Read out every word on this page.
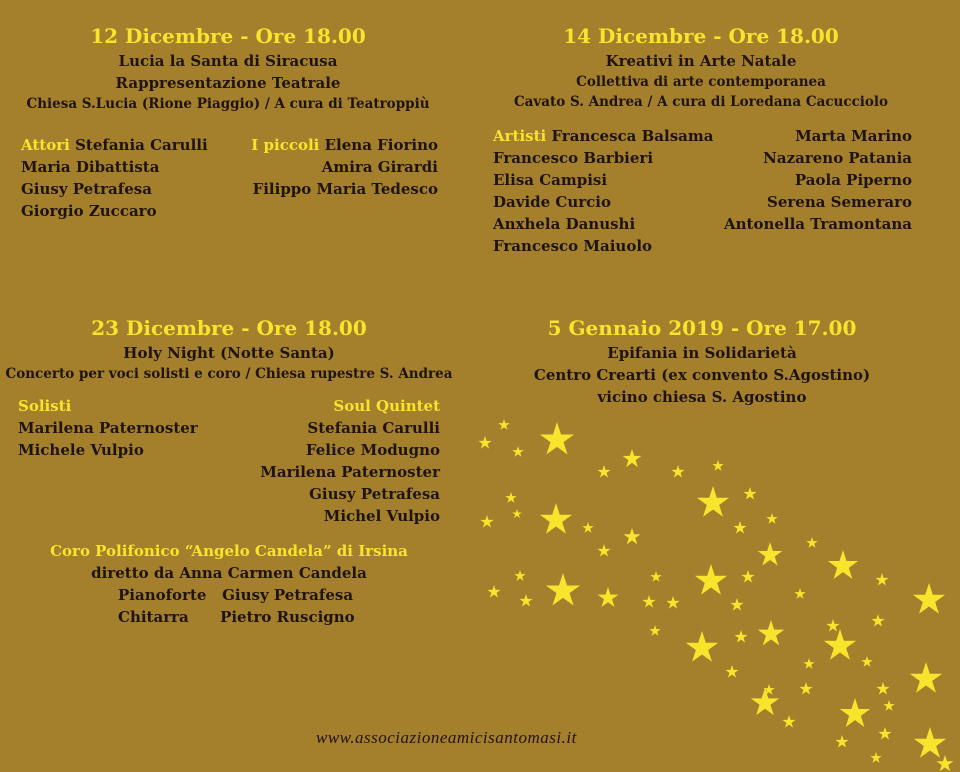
12 Dicembre - Ore 18.00
Lucia la Santa di Siracusa
Rappresentazione Teatrale
Chiesa S.Lucia (Rione Piaggio) / A cura di Teatroppiù
Attori Stefania Carulli
Maria Dibattista
Giusy Petrafesa
Giorgio Zuccaro
I piccoli Elena Fiorino
Amira Girardi
Filippo Maria Tedesco
14 Dicembre - Ore 18.00
Kreativi in Arte Natale
Collettiva di arte contemporanea
Cavato S. Andrea / A cura di Loredana Cacucciolo
Artisti Francesca Balsama
Francesco Barbieri
Elisa Campisi
Davide Curcio
Anxhela Danushi
Francesco Maiuolo
Marta Marino
Nazareno Patania
Paola Piperno
Serena Semeraro
Antonella Tramontana
23 Dicembre - Ore 18.00
Holy Night (Notte Santa)
Concerto per voci solisti e coro / Chiesa rupestre S. Andrea
Solisti
Marilena Paternoster
Michele Vulpio
Soul Quintet
Stefania Carulli
Felice Modugno
Marilena Paternoster
Giusy Petrafesa
Michel Vulpio
Coro Polifonico “Angelo Candela” di Irsina
diretto da Anna Carmen Candela
Pianoforte Giusy Petrafesa
Chitarra Pietro Ruscigno
5 Gennaio 2019 - Ore 17.00
Epifania in Solidarietà
Centro Crearti (ex convento S.Agostino)
vicino chiesa S. Agostino
www.associazioneamicisantomasi.it
